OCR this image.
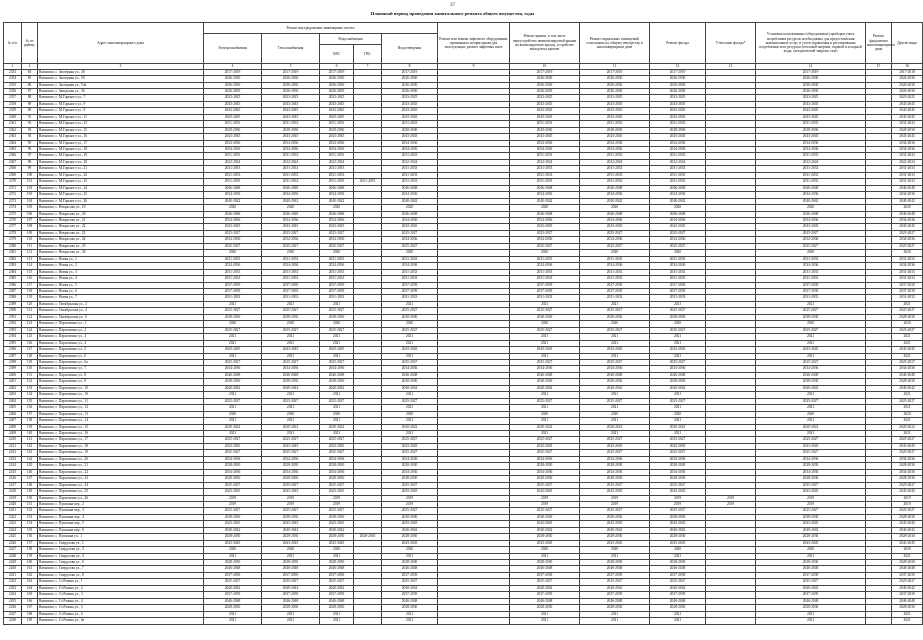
37
Плановый период проведения капитального ремонта общего имущества, годы
№ п/п	№ по району	Адрес многоквартирного дома	Ремонт внутридомовых инженерных систем					Ремонт или замена лифтового оборудования, признанного непригодным для эксплуатации, ремонт лифтовых шахт	Ремонт крыши, в том числе переустройство невентилируемой крыши на вентилируемую крышу, устройство выходов на кровлю	Ремонт подвальных помещений, относящихся к общему имуществу в многоквартирном доме	Ремонт фасада	Утепление фасада*	Установка коллективных (общедомовых) приборов учета потребления ресурсов, необходимых для предоставления коммунальных услуг, и узлов управления и регулирования потребления этих ресурсов (тепловой энергии, горячей и холодной воды, электрической энергии, газа)	Ремонт фундамента многоквартирного дома	Другие виды
			Электроснабжения	Теплоснабжения	Водоснабжения		Водоотведения								
					ХВС	ГВС									
1	2	3	4	5	6	7	8	9	10	11	12	13	14	15	16
2353	84	Вавилово, с. Заозерная ул., 48	2017-2019	2017-2019	2017-2019		2017-2019		2017-2019	2017-2019	2017-2019		2017-2019		2017-2019
2354	85	Вавилово, с. Заозерная ул., 50	2026-2030	2026-2030	2026-2030		2026-2030		2026-2030	2026-2030	2026-2030		2026-2030		2026-2030
2355	86	Вавилово, с. Заозерная ул., 54а	2026-2030	2026-2030	2026-2030		2026-2030		2026-2030	2026-2030	2026-2030		2026-2030		2026-2030
2356	87	Вавилово, с. Заводская ул., 36	2026-2030	2026-2030	2026-2030		2026-2030		2026-2030	2026-2030	2026-2030		2026-2030		2026-2030
2357	88	Вавилово, с. М.Горького ул., 7	2023-2025	2023-2025	2023-2025		2023-2025		2023-2025	2023-2025	2023-2025		2023-2025		2023-2025
2358	89	Вавилово, с. М.Горького ул., 9	2043-2045	2043-2045	2043-2045		2043-2045		2043-2045	2043-2045	2043-2045		2043-2045		2043-2045
2359	90	Вавилово, с. М.Горького ул., 9	2043-2045	2043-2045	2043-2045		2043-2045		2043-2045	2043-2045	2043-2045		2043-2045		2043-2045
2360	91	Вавилово, с. М.Горького ул., 11	2043-2045	2043-2045	2043-2045		2043-2045		2043-2045	2043-2045	2043-2045		2043-2045		2043-2045
2361	92	Вавилово, с. М.Горького ул., 13	2031-2033	2031-2033	2031-2033		2031-2033		2031-2033	2031-2033	2031-2033		2031-2033		2031-2033
2362	93	Вавилово, с. М.Горького ул., 15	2028-2030	2028-2030	2028-2030		2028-2030		2028-2030	2028-2030	2028-2030		2028-2030		2028-2030
2363	94	Вавилово, с. М.Горького ул., 16	2043-2045	2043-2045	2043-2045		2043-2045		2043-2045	2043-2045	2043-2045		2043-2045		2043-2045
2364	95	Вавилово, с. М.Горького ул., 17	2034-2036	2034-2036	2034-2036		2034-2036		2034-2036	2034-2036	2034-2036		2034-2036		2034-2036
2365	96	Вавилово, с. М.Горького ул., 18	2034-2036	2034-2036	2034-2036		2034-2036		2034-2036	2034-2036	2034-2036		2034-2036		2034-2036
2366	97	Вавилово, с. М.Горького ул., 19	2031-2033	2031-2033	2031-2033		2031-2033		2031-2033	2031-2033	2031-2033		2031-2033		2031-2033
2367	98	Вавилово, с. М.Горького ул., 20	2022-2024	2022-2024	2022-2024		2022-2024		2022-2024	2022-2024	2022-2024		2022-2024		2022-2024
2368	99	Вавилово, с. М.Горького ул., 21	2031-2033	2031-2033	2031-2033		2031-2033		2031-2033	2031-2033	2031-2033		2031-2033		2031-2033
2369	100	Вавилово, с. М.Горького ул., 22	2031-2033	2031-2033	2031-2033		2031-2033		2031-2033	2031-2033	2031-2033		2031-2033		2031-2033
2370	101	Вавилово, с. М.Горького ул., 23	2031-2033	2031-2033	2031-2033	2031-2033	2031-2033		2031-2033	2031-2033	2031-2033		2031-2033		2031-2033
2371	102	Вавилово, с. М.Горького ул., 24	2046-2048	2046-2048	2046-2048		2046-2048		2046-2048	2046-2048	2046-2048		2046-2048		2046-2048
2372	103	Вавилово, с. М.Горького ул., 25	2034-2036	2034-2036	2034-2036		2034-2036		2034-2036	2034-2036	2034-2036		2034-2036		2034-2036
2373	104	Вавилово, с. М.Горького ул., 26	2040-2042	2040-2042	2040-2042		2040-2042		2040-2042	2040-2042	2040-2042		2040-2042		2040-2042
2374	105	Вавилово, с. Некрасова ул., 18	2020	2020	2020		2020		2020	2020	2020		2020		2020
2375	106	Вавилово, с. Некрасова ул., 20	2046-2048	2046-2048	2046-2048		2046-2048		2046-2048	2046-2048	2046-2048		2046-2048		2046-2048
2376	107	Вавилово, с. Некрасова ул., 21	2034-2036	2034-2036	2034-2036		2034-2036		2034-2036	2034-2036	2034-2036		2034-2036		2034-2036
2377	108	Вавилово, с. Некрасова ул., 22	2043-2045	2043-2045	2043-2045		2043-2045		2043-2045	2043-2045	2043-2045		2043-2045		2043-2045
2378	109	Вавилово, с. Некрасова ул., 23	2025-2027	2025-2027	2025-2027		2025-2027		2025-2027	2025-2027	2025-2027		2025-2027		2025-2027
2379	110	Вавилово, с. Некрасова ул., 24	2034-2036	2034-2036	2034-2036		2034-2036		2034-2036	2034-2036	2034-2036		2034-2036		2034-2036
2380	111	Вавилово, с. Некрасова ул., 25	2025-2027	2025-2027	2025-2027		2025-2027		2025-2027	2025-2027	2025-2027		2025-2027		2025-2027
2381	112	Вавилово, с. Некрасова ул., 26	2020	2020	2020		2020		2020	2020	2020		2020		2020
2382	113	Вавилово, с. Новая ул., 1	2031-2033	2031-2033	2031-2033		2031-2033		2031-2033	2031-2033	2031-2033		2031-2033		2031-2033
2383	114	Вавилово, с. Новая ул., 2	2034-2036	2034-2036	2034-2036		2034-2036		2034-2036	2034-2036	2034-2036		2034-2036		2034-2036
2384	115	Вавилово, с. Новая ул., 3	2031-2033	2031-2033	2031-2033		2031-2033		2031-2033	2031-2033	2031-2033		2031-2033		2031-2033
2385	116	Вавилово, с. Новая ул., 4	2031-2033	2031-2033	2031-2033		2031-2033		2031-2033	2031-2033	2031-2033		2031-2033		2031-2033
2386	117	Вавилово, с. Новая ул., 5	2037-2039	2037-2039	2037-2039		2037-2039		2037-2039	2037-2039	2037-2039		2037-2039		2037-2039
2387	118	Вавилово, с. Новая ул., 6	2037-2039	2037-2039	2037-2039		2037-2039		2037-2039	2037-2039	2037-2039		2037-2039		2037-2039
2388	119	Вавилово, с. Новая ул., 7	2031-2033	2031-2033	2031-2033		2031-2033		2031-2033	2031-2033	2031-2033		2031-2033		2031-2033
2389	120	Вавилово, с. Октябрьская ул., 2	2021	2021	2021		2021		2021	2021	2021		2021		2021
2390	121	Вавилово, с. Октябрьская ул., 4	2025-2027	2025-2027	2025-2027		2025-2027		2025-2027	2025-2027	2025-2027		2025-2027		2025-2027
2391	122	Вавилово, с. Октябрьская ул., 6	2028-2030	2028-2030	2028-2030		2028-2030		2028-2030	2028-2030	2028-2030		2028-2030		2028-2030
2392	123	Вавилово, с. Пархоменко ул., 1	2020	2020	2020		2020		2020	2020	2020		2020		2020
2393	124	Вавилово, с. Пархоменко ул., 2	2025-2027	2025-2027	2025-2027		2025-2027		2025-2027	2025-2027	2025-2027		2025-2027		2025-2027
2394	125	Вавилово, с. Пархоменко ул., 3	2021	2021	2021		2021		2021	2021	2021		2021		2021
2395	126	Вавилово, с. Пархоменко ул., 4	2021	2021	2021		2021		2021	2021	2021		2021		2021
2396	127	Вавилово, с. Пархоменко ул., 5	2043-2045	2043-2045	2043-2045		2043-2045		2043-2045	2043-2045	2043-2045		2043-2045		2043-2045
2397	128	Вавилово, с. Пархоменко ул., 6	2021	2021	2021		2021		2021	2021	2021		2021		2021
2398	129	Вавилово, с. Пархоменко ул., 6а	2025-2027	2025-2027	2025-2027		2025-2027		2025-2027	2025-2027	2025-2027		2025-2027		2025-2027
2399	130	Вавилово, с. Пархоменко ул., 7	2034-2036	2034-2036	2034-2036		2034-2036		2034-2036	2034-2036	2034-2036		2034-2036		2034-2036
2400	131	Вавилово, с. Пархоменко ул., 8	2046-2048	2046-2048	2046-2048		2046-2048		2046-2048	2046-2048	2046-2048		2046-2048		2046-2048
2401	132	Вавилово, с. Пархоменко ул., 9	2028-2030	2028-2030	2028-2030		2028-2030		2028-2030	2028-2030	2028-2030		2028-2030		2028-2030
2402	133	Вавилово, с. Пархоменко ул., 10	2040-2042	2040-2042	2040-2042		2040-2042		2040-2042	2040-2042	2040-2042		2040-2042		2040-2042
2403	134	Вавилово, с. Пархоменко ул., 10	2021	2021	2021		2021		2021	2021	2021		2021		2021
2404	135	Вавилово, с. Пархоменко ул., 11	2025-2027	2025-2027	2025-2027		2025-2027		2025-2027	2025-2027	2025-2027		2025-2027		2025-2027
2405	136	Вавилово, с. Пархоменко ул., 12	2021	2021	2021		2021		2021	2021	2021		2021		2021
2406	137	Вавилово, с. Пархоменко ул., 13	2020	2020	2020		2020		2020	2020	2020		2020		2020
2407	138	Вавилово, с. Пархоменко ул., 14	2021	2021	2021		2021		2021	2021	2021		2021		2021
2408	139	Вавилово, с. Пархоменко ул., 15	2020-2022	2020-2022	2020-2022		2020-2022		2020-2022	2020-2022	2020-2022		2020-2022		2020-2022
2409	140	Вавилово, с. Пархоменко ул., 16	2021	2021	2021		2021		2021	2021	2021		2021		2021
2410	141	Вавилово, с. Пархоменко ул., 17	2025-2027	2025-2027	2025-2027		2025-2027		2025-2027	2025-2027	2025-2027		2025-2027		2025-2027
2411	142	Вавилово, с. Пархоменко ул., 18	2043-2045	2043-2045	2043-2045		2043-2045		2043-2045	2043-2045	2043-2045		2043-2045		2043-2045
2412	143	Вавилово, с. Пархоменко ул., 19	2025-2027	2025-2027	2025-2027		2025-2027		2025-2027	2025-2027	2025-2027		2025-2027		2025-2027
2413	144	Вавилово, с. Пархоменко ул., 20	2034-2036	2034-2036	2034-2036		2034-2036		2034-2036	2034-2036	2034-2036		2034-2036		2034-2036
2414	145	Вавилово, с. Пархоменко ул., 21	2028-2030	2028-2030	2028-2030		2028-2030		2028-2030	2028-2030	2028-2030		2028-2030		2028-2030
2415	146	Вавилово, с. Пархоменко ул., 22	2034-2036	2034-2036	2034-2036		2034-2036		2034-2036	2034-2036	2034-2036		2034-2036		2034-2036
2416	147	Вавилово, с. Пархоменко ул., 23	2028-2030	2028-2030	2028-2030		2028-2030		2028-2030	2028-2030	2028-2030		2028-2030		2028-2030
2417	148	Вавилово, с. Пархоменко ул., 24	2025-2027	2025-2027	2025-2027		2025-2027		2025-2027	2025-2027	2025-2027		2025-2027		2025-2027
2418	149	Вавилово, с. Пархоменко ул., 25	2043-2045	2043-2045	2043-2045		2043-2045		2043-2045	2043-2045	2043-2045		2043-2045		2043-2045
2419	150	Вавилово, с. Пархоменко ул., 26	2019	2019	2019		2019		2019	2019	2019	2019	2019		2019
2420	151	Вавилово, с. Пушкина пер., 2	2019	2019	2019		2019		2019	2019	2019	2019	2019		2019
2421	152	Вавилово, с. Пушкина пер., 3	2025-2027	2025-2027	2025-2027		2025-2027		2025-2027	2025-2027	2025-2027		2025-2027		2025-2027
2422	153	Вавилово, с. Пушкина пер., 4	2028-2030	2028-2030	2028-2030		2028-2030		2028-2030	2028-2030	2028-2030		2028-2030		2028-2030
2423	154	Вавилово, с. Пушкина пер., 5	2043-2045	2043-2045	2043-2045		2043-2045		2043-2045	2043-2045	2043-2045		2043-2045		2043-2045
2424	155	Вавилово, с. Пушкина пер., 6	2040-2042	2040-2042	2040-2042		2040-2042		2040-2042	2040-2042	2040-2042		2040-2042		2040-2042
2425	156	Вавилово, с. Пушкина ул., 1	2028-2030	2028-2030	2028-2030	2028-2030	2028-2030		2028-2030	2028-2030	2028-2030		2028-2030		2028-2030
2426	157	Вавилово, с. Свердлова ул., 1	2043-2045	2043-2045	2043-2045		2043-2045		2043-2045	2043-2045	2043-2045		2043-2045		2043-2045
2427	158	Вавилово, с. Свердлова ул., 3	2020	2020	2020		2020		2020	2020	2020		2020		2020
2428	159	Вавилово, с. Свердлова ул., 4	2021	2021	2021		2021		2021	2021	2021		2021		2021
2429	160	Вавилово, с. Свердлова ул., 6	2028-2030	2028-2030	2028-2030		2028-2030		2028-2030	2028-2030	2028-2030		2028-2030		2028-2030
2430	161	Вавилово, с. Свердлова ул., 7	2046-2048	2046-2048	2046-2048		2046-2048		2046-2048	2046-2048	2046-2048		2046-2048		2046-2048
2431	162	Вавилово, с. Свердлова ул., 8	2037-2039	2037-2039	2037-2039		2037-2039		2037-2039	2037-2039	2037-2039		2037-2039		2037-2039
2432	163	Вавилово, с. Ст.Разина ул., 1	2025-2027	2025-2027	2025-2027		2025-2027		2025-2027	2025-2027	2025-2027		2025-2027		2025-2027
2433	164	Вавилово, с. Ст.Разина ул., 2	2040-2042	2040-2042	2040-2042		2040-2042		2040-2042	2040-2042	2040-2042		2040-2042		2040-2042
2434	165	Вавилово, с. Ст.Разина ул., 3	2037-2039	2037-2039	2037-2039		2037-2039		2037-2039	2037-2039	2037-2039		2037-2039		2037-2039
2435	166	Вавилово, с. Ст.Разина ул., 4	2046-2048	2046-2048	2046-2048		2046-2048		2046-2048	2046-2048	2046-2048		2046-2048		2046-2048
2436	167	Вавилово, с. Ст.Разина ул., 5	2028-2030	2028-2030	2028-2030		2028-2030		2028-2030	2028-2030	2028-2030		2028-2030		2028-2030
2437	168	Вавилово, с. Ст.Разина ул., 6	2021	2021	2021		2021		2021	2021	2021		2021		2021
2438	169	Вавилово, с. Ст.Разина ул., 6а	2021	2021	2021		2021		2021	2021	2021		2021		2021
